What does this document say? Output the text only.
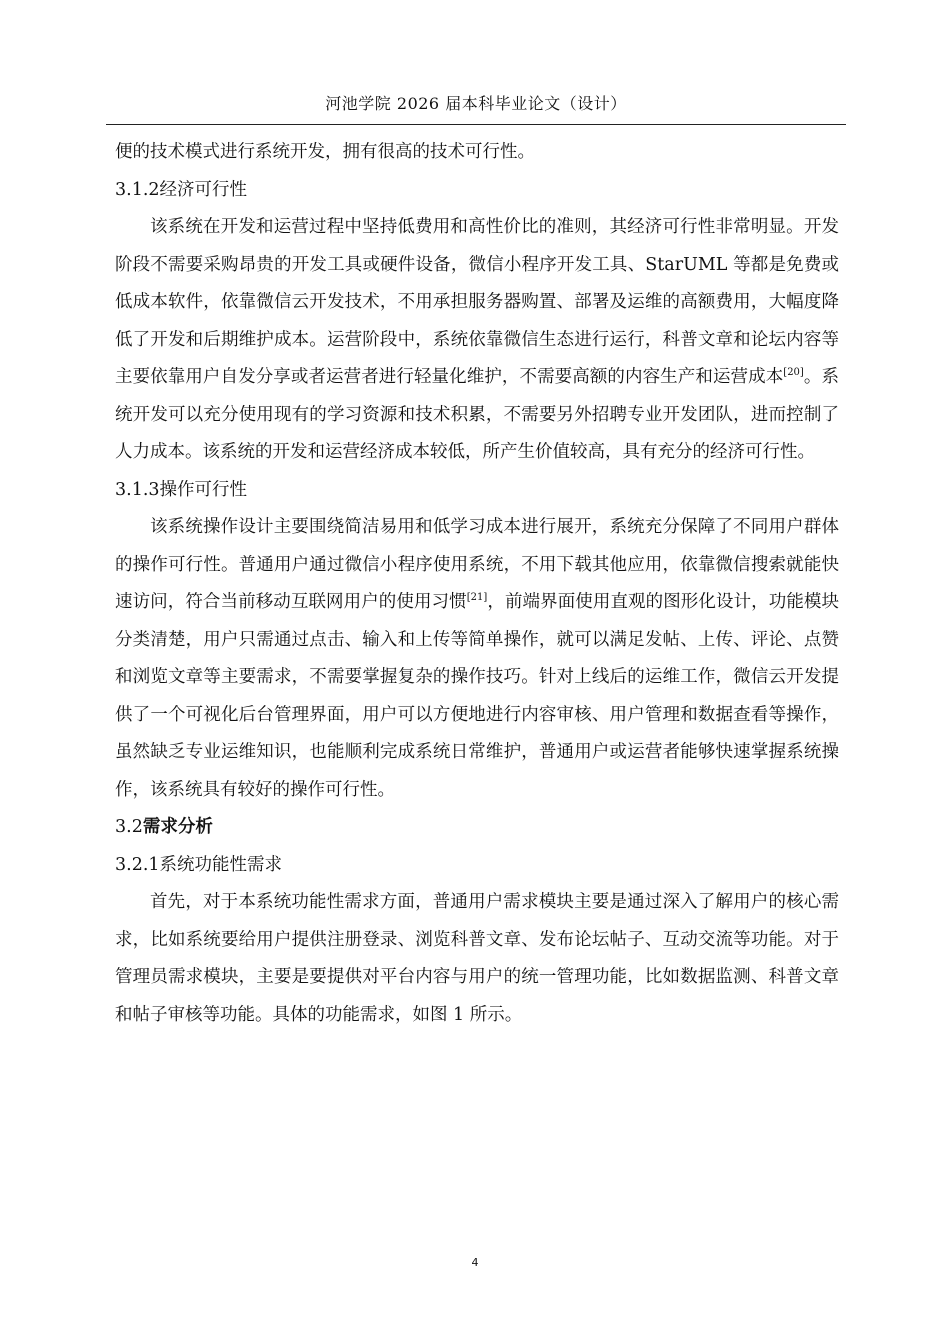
河池学院 2026 届本科毕业论文（设计）

便的技术模式进行系统开发，拥有很高的技术可行性。

3.1.2经济可行性

该系统在开发和运营过程中坚持低费用和高性价比的准则，其经济可行性非常明显。开发阶段不需要采购昂贵的开发工具或硬件设备，微信小程序开发工具、StarUML 等都是免费或低成本软件，依靠微信云开发技术，不用承担服务器购置、部署及运维的高额费用，大幅度降低了开发和后期维护成本。运营阶段中，系统依靠微信生态进行运行，科普文章和论坛内容等主要依靠用户自发分享或者运营者进行轻量化维护，不需要高额的内容生产和运营成本[20]。系统开发可以充分使用现有的学习资源和技术积累，不需要另外招聘专业开发团队，进而控制了人力成本。该系统的开发和运营经济成本较低，所产生价值较高，具有充分的经济可行性。

3.1.3操作可行性

该系统操作设计主要围绕简洁易用和低学习成本进行展开，系统充分保障了不同用户群体的操作可行性。普通用户通过微信小程序使用系统，不用下载其他应用，依靠微信搜索就能快速访问，符合当前移动互联网用户的使用习惯[21]，前端界面使用直观的图形化设计，功能模块分类清楚，用户只需通过点击、输入和上传等简单操作，就可以满足发帖、上传、评论、点赞和浏览文章等主要需求，不需要掌握复杂的操作技巧。针对上线后的运维工作，微信云开发提供了一个可视化后台管理界面，用户可以方便地进行内容审核、用户管理和数据查看等操作，虽然缺乏专业运维知识，也能顺利完成系统日常维护，普通用户或运营者能够快速掌握系统操作，该系统具有较好的操作可行性。

3.2需求分析

3.2.1系统功能性需求

首先，对于本系统功能性需求方面，普通用户需求模块主要是通过深入了解用户的核心需求，比如系统要给用户提供注册登录、浏览科普文章、发布论坛帖子、互动交流等功能。对于管理员需求模块，主要是要提供对平台内容与用户的统一管理功能，比如数据监测、科普文章和帖子审核等功能。具体的功能需求，如图 1 所示。

4
